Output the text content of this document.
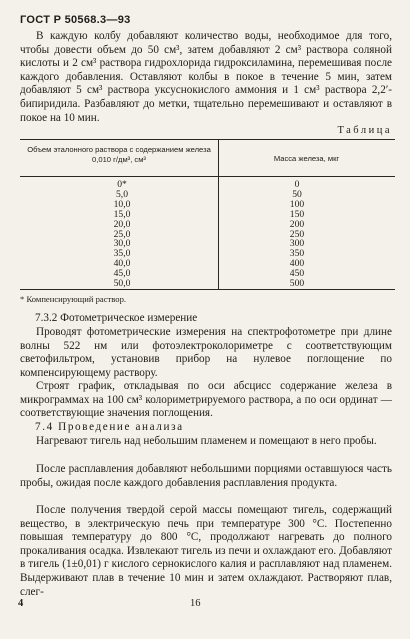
ГОСТ Р 50568.3—93

В каждую колбу добавляют количество воды, необходимое для того, чтобы довести объем до 50 см³, затем добавляют 2 см³ раствора соляной кислоты и 2 см³ раствора гидрохлорида гидроксиламина, перемешивая после каждого добавления. Оставляют колбы в покое в течение 5 мин, затем добавляют 5 см³ раствора уксуснокислого аммония и 1 см³ раствора 2,2′-бипиридила. Разбавляют до метки, тщательно перемешивают и оставляют в покое на 10 мин.

Таблица
Объем эталонного раствора с содержанием железа 0,010 г/дм³, см³	Масса железа, мкг
0*
5,0
10,0
15,0
20,0
25,0
30,0
35,0
40,0
45,0
50,0
0
50
100
150
200
250
300
350
400
450
500
* Компенсирующий раствор.
7.3.2 Фотометрическое измерение

Проводят фотометрические измерения на спектрофотометре при длине волны 522 нм или фотоэлектроколориметре с соответствующим светофильтром, установив прибор на нулевое поглощение по компенсирующему раствору.

Строят график, откладывая по оси абсцисс содержание железа в микрограммах на 100 см³ колориметрируемого раствора, а по оси ординат — соответствующие значения поглощения.

7.4 Проведение анализа

Нагревают тигель над небольшим пламенем и помещают в него пробы.

После расплавления добавляют небольшими порциями оставшуюся часть пробы, ожидая после каждого добавления расплавления продукта.

После получения твердой серой массы помещают тигель, содержащий вещество, в электрическую печь при температуре 300 °С. Постепенно повышая температуру до 800 °С, продолжают нагревать до полного прокаливания осадка. Извлекают тигель из печи и охлаждают его. Добавляют в тигель (1±0,01) г кислого сернокислого калия и расплавляют над пламенем. Выдерживают плав в течение 10 мин и затем охлаждают. Растворяют плав, слег-

4	16
